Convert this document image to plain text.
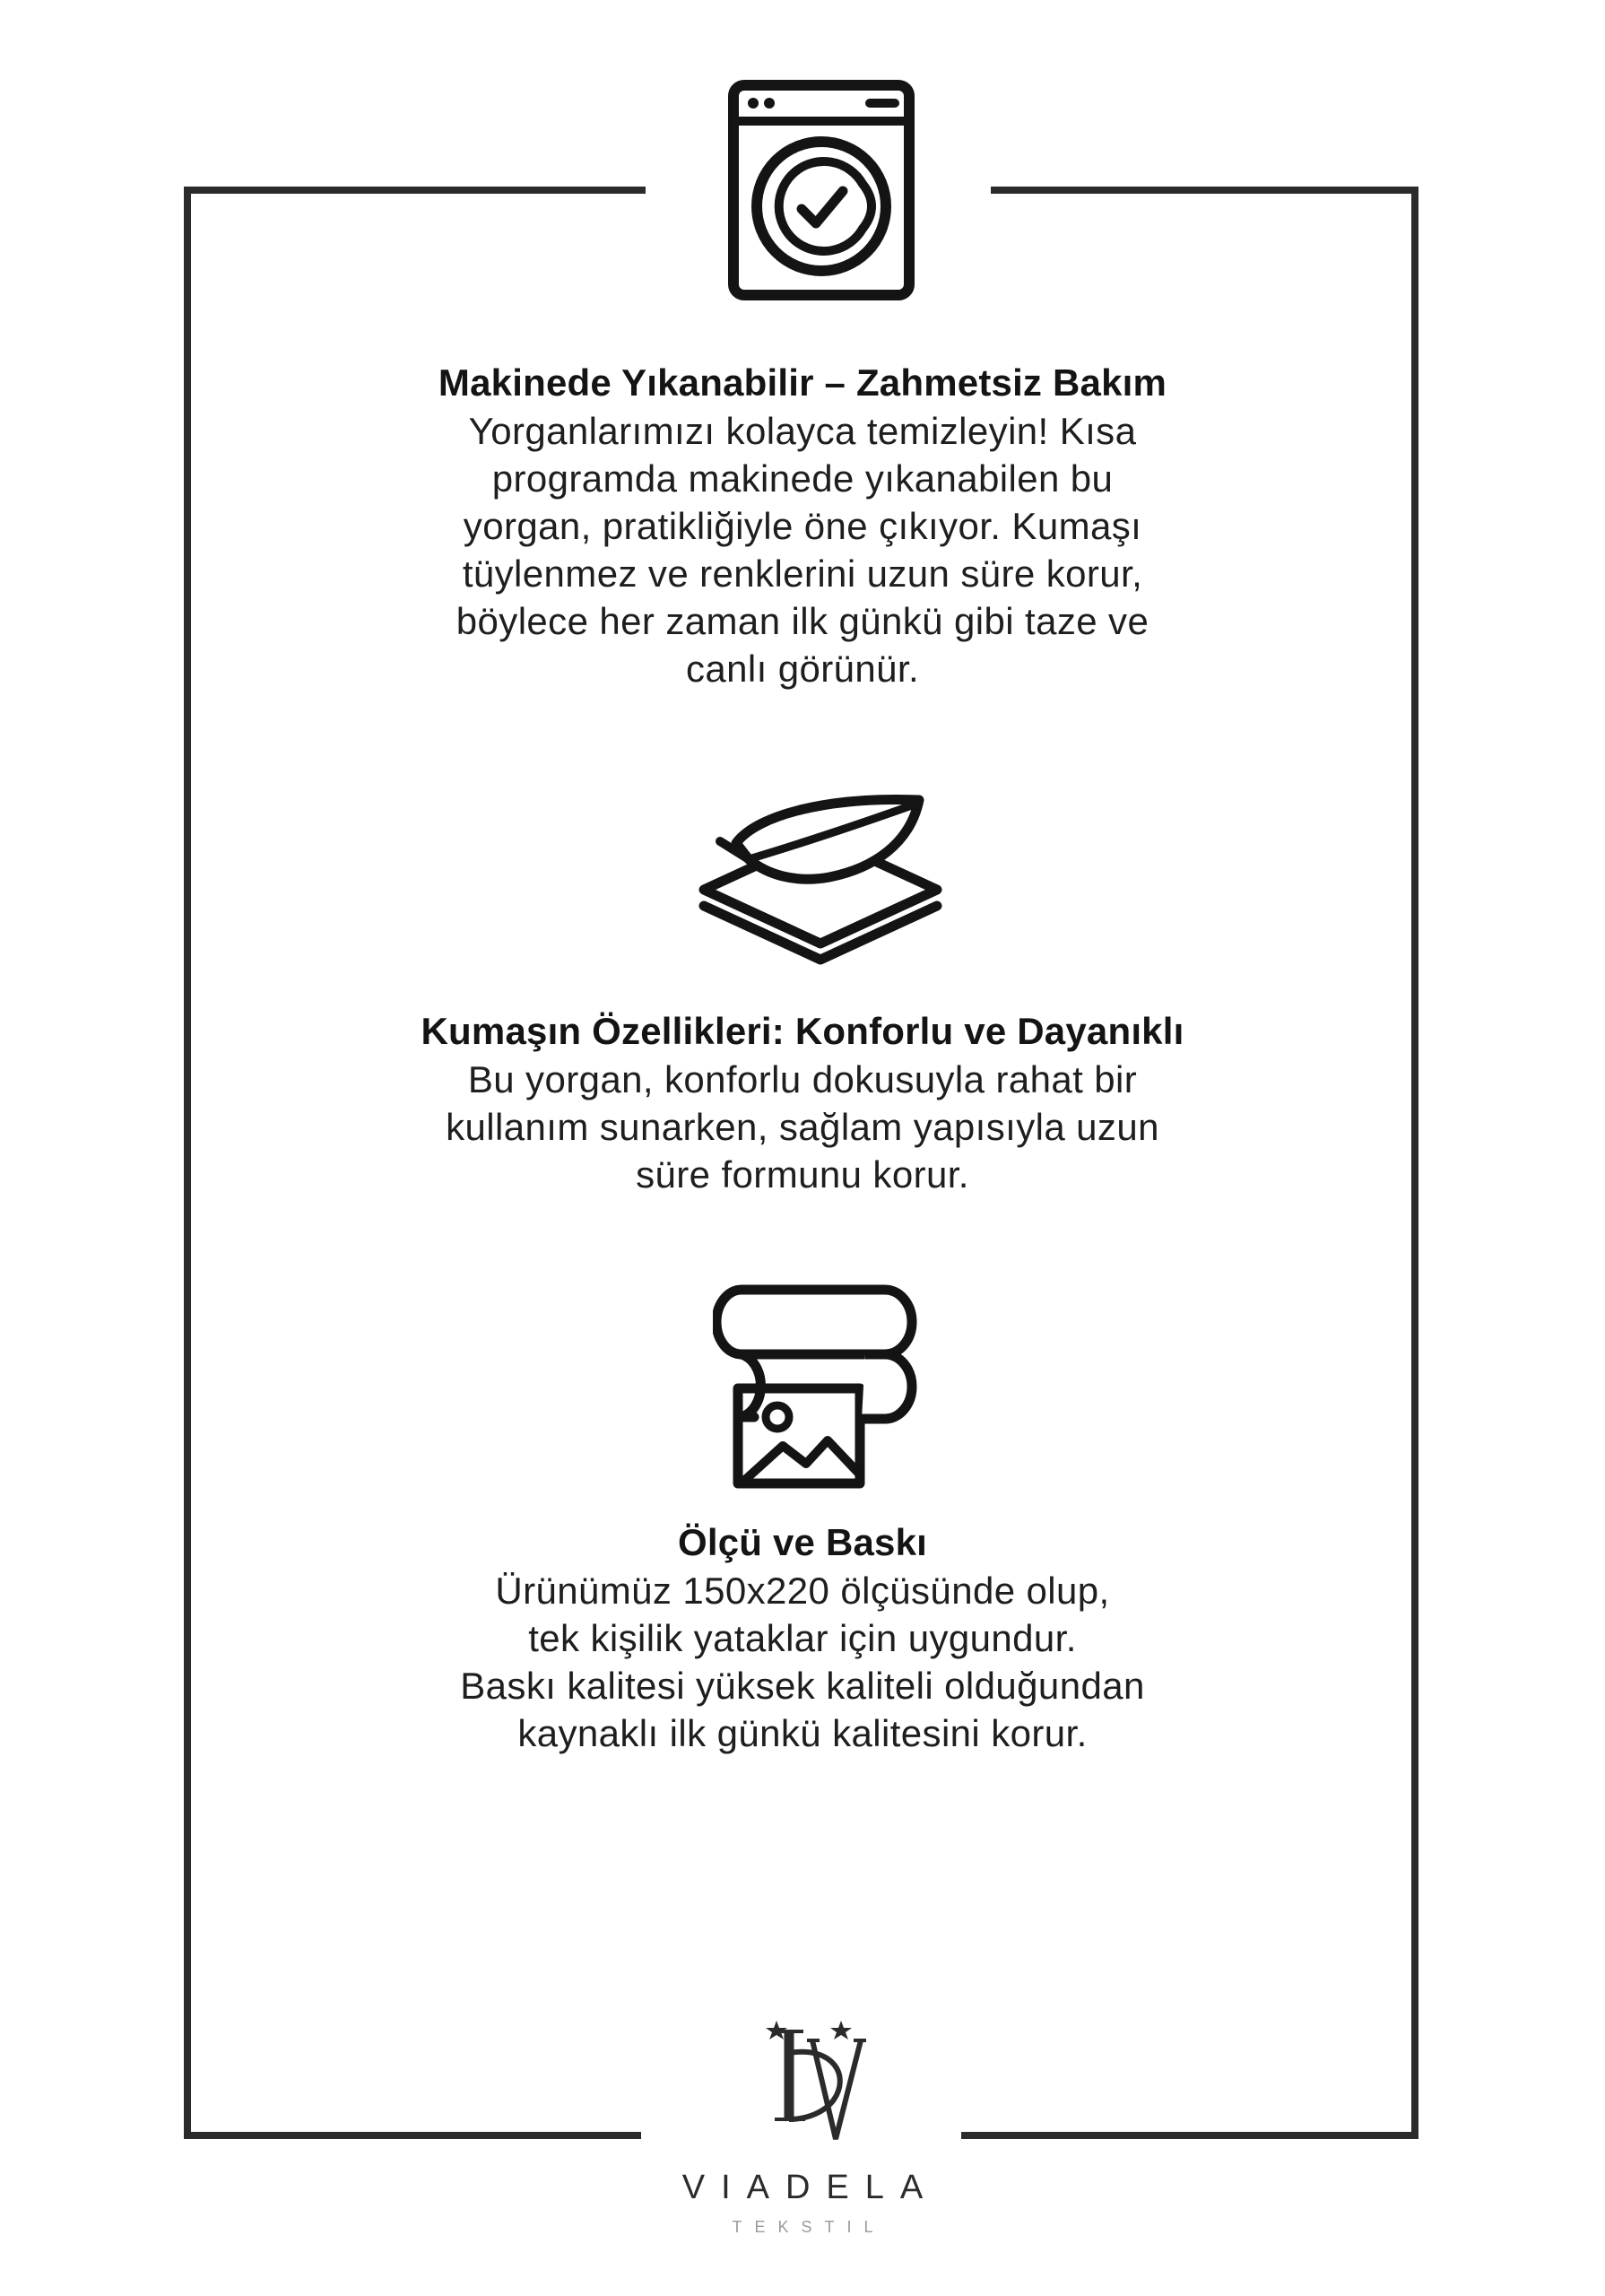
Makinede Yıkanabilir – Zahmetsiz Bakım
Yorganlarımızı kolayca temizleyin! Kısa
programda makinede yıkanabilen bu
yorgan, pratikliğiyle öne çıkıyor. Kumaşı
tüylenmez ve renklerini uzun süre korur,
böylece her zaman ilk günkü gibi taze ve
canlı görünür.
Kumaşın Özellikleri: Konforlu ve Dayanıklı
Bu yorgan, konforlu dokusuyla rahat bir
kullanım sunarken, sağlam yapısıyla uzun
süre formunu korur.
Ölçü ve Baskı
Ürünümüz 150x220 ölçüsünde olup,
tek kişilik yataklar için uygundur.
Baskı kalitesi yüksek kaliteli olduğundan
kaynaklı ilk günkü kalitesini korur.
VIADELA
TEKSTIL
